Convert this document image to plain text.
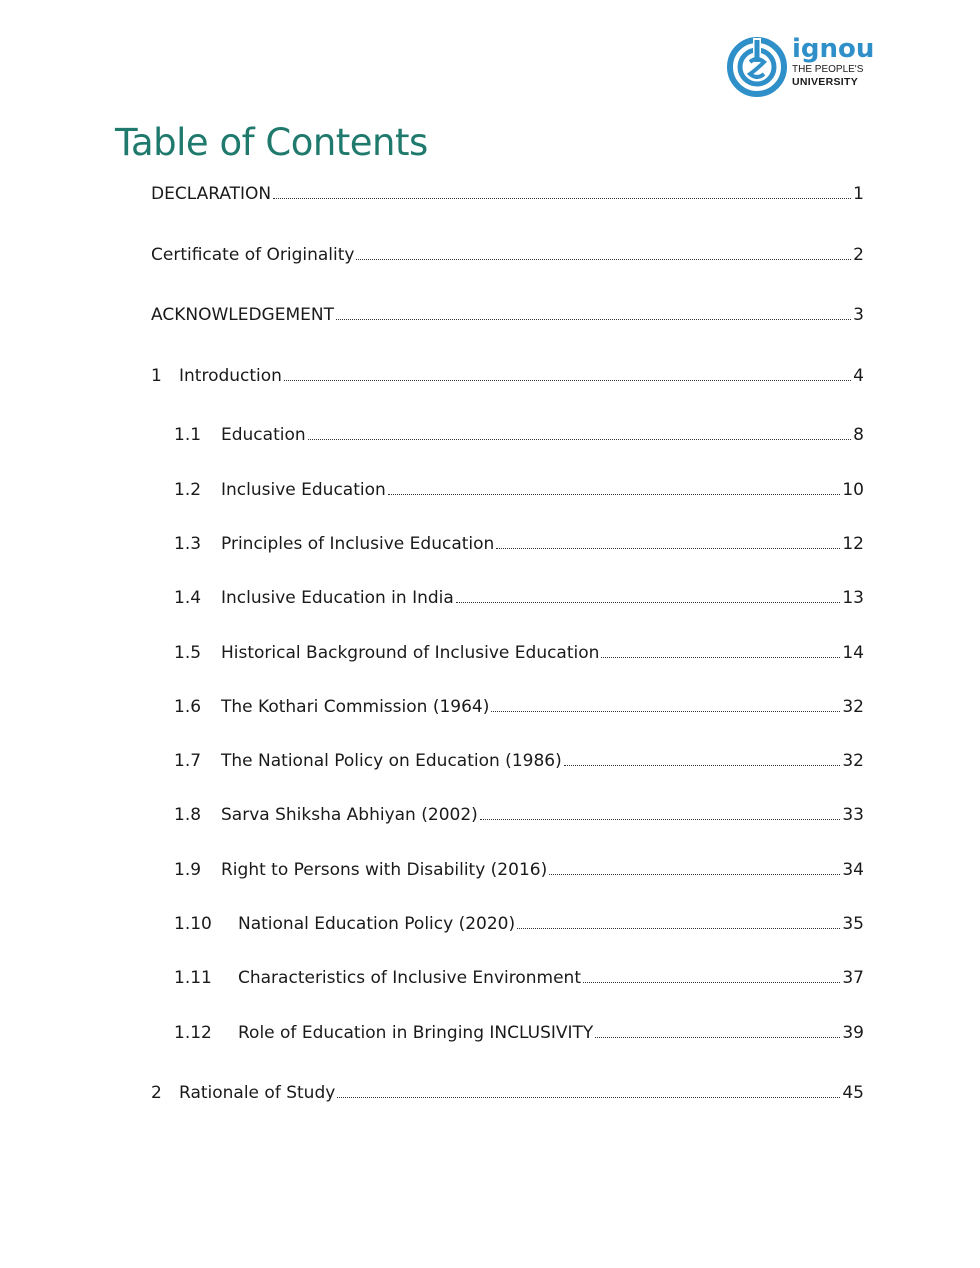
ignou
THE PEOPLE'S
UNIVERSITY
Table of Contents
DECLARATION	1
Certificate of Originality	2
ACKNOWLEDGEMENT	3
1	Introduction	4
1.1	Education	8
1.2	Inclusive Education	10
1.3	Principles of Inclusive Education	12
1.4	Inclusive Education in India	13
1.5	Historical Background of Inclusive Education	14
1.6	The Kothari Commission (1964)	32
1.7	The National Policy on Education (1986)	32
1.8	Sarva Shiksha Abhiyan (2002)	33
1.9	Right to Persons with Disability (2016)	34
1.10	National Education Policy (2020)	35
1.11	Characteristics of Inclusive Environment	37
1.12	Role of Education in Bringing INCLUSIVITY	39
2	Rationale of Study	45
